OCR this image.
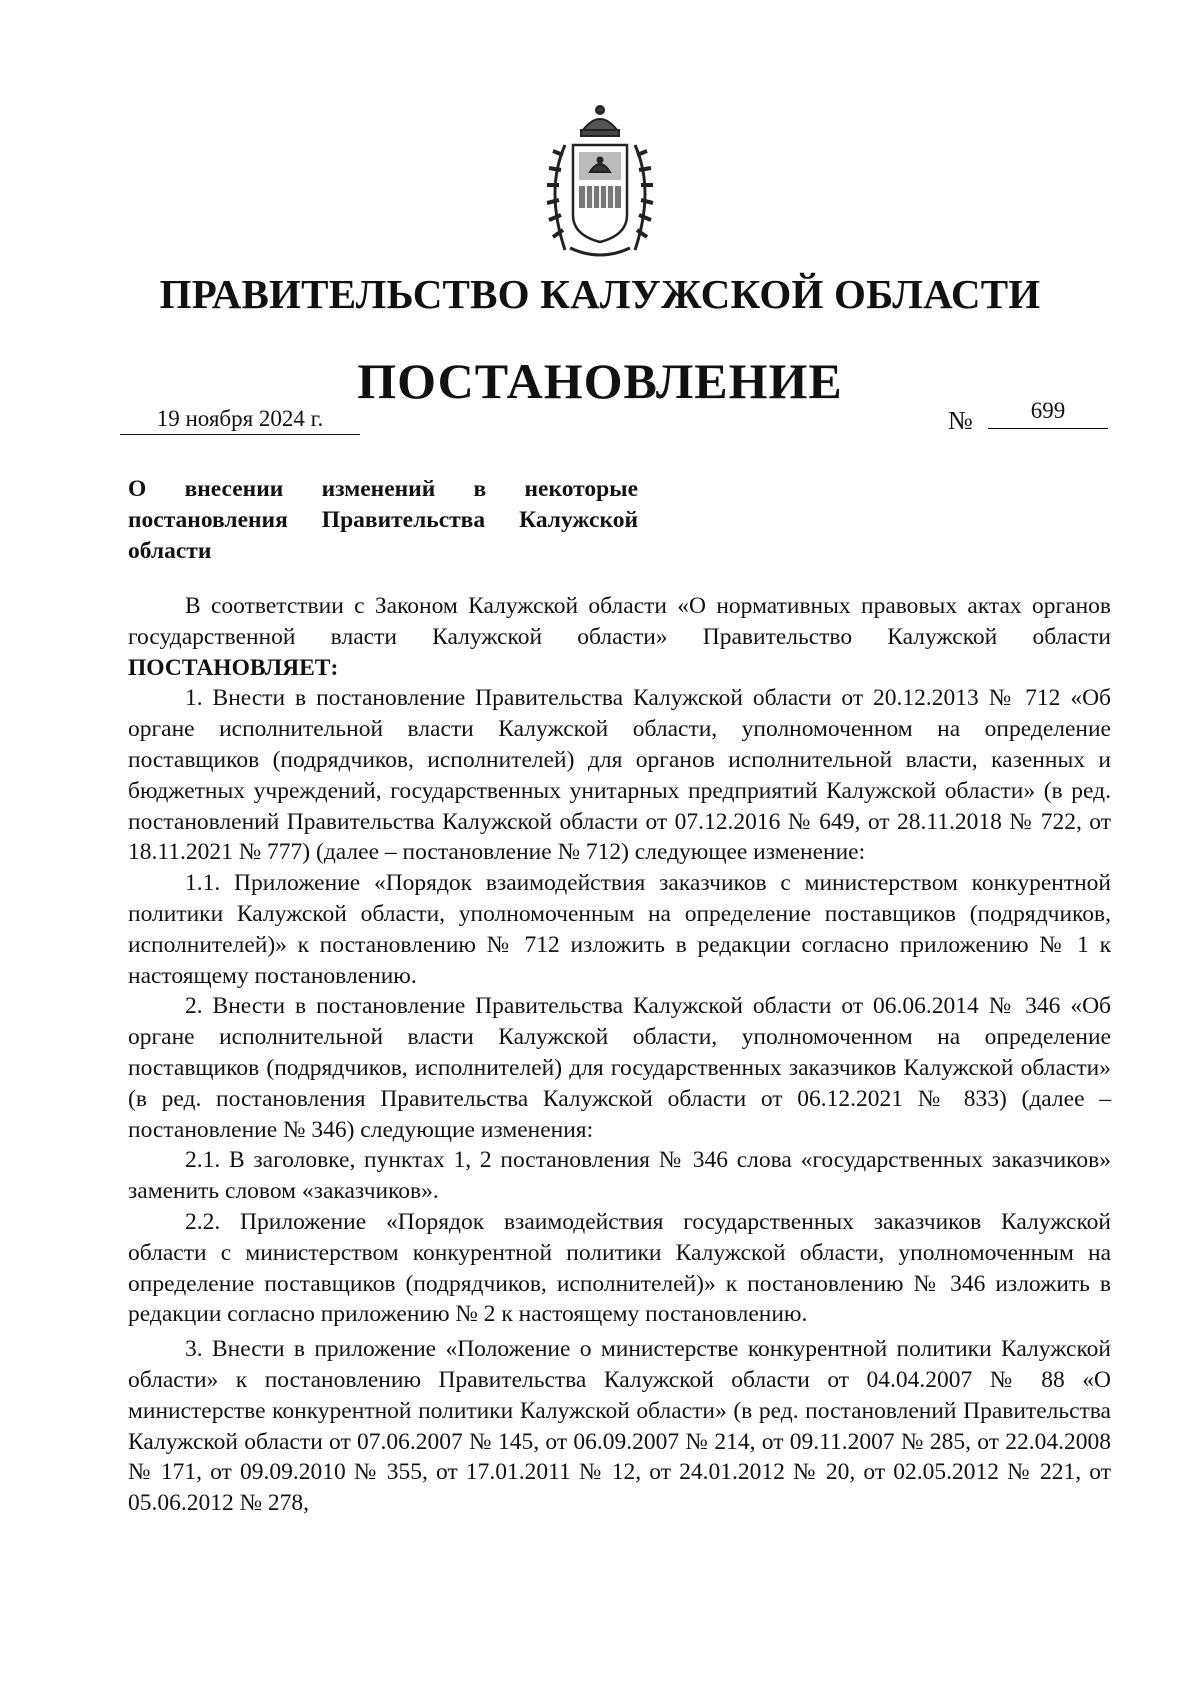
ПРАВИТЕЛЬСТВО КАЛУЖСКОЙ ОБЛАСТИ
ПОСТАНОВЛЕНИЕ
19 ноября 2024 г.	№	699
О внесении изменений в некоторые
постановления Правительства Калужской
области

В соответствии с Законом Калужской области «О нормативных правовых актах органов государственной власти Калужской области» Правительство Калужской области ПОСТАНОВЛЯЕТ:

1. Внести в постановление Правительства Калужской области от 20.12.2013 № 712 «Об органе исполнительной власти Калужской области, уполномоченном на определение поставщиков (подрядчиков, исполнителей) для органов исполнительной власти, казенных и бюджетных учреждений, государственных унитарных предприятий Калужской области» (в ред. постановлений Правительства Калужской области от 07.12.2016 № 649, от 28.11.2018 № 722, от 18.11.2021 № 777) (далее – постановление № 712) следующее изменение:

1.1. Приложение «Порядок взаимодействия заказчиков с министерством конкурентной политики Калужской области, уполномоченным на определение поставщиков (подрядчиков, исполнителей)» к постановлению № 712 изложить в редакции согласно приложению № 1 к настоящему постановлению.

2. Внести в постановление Правительства Калужской области от 06.06.2014 № 346 «Об органе исполнительной власти Калужской области, уполномоченном на определение поставщиков (подрядчиков, исполнителей) для государственных заказчиков Калужской области» (в ред. постановления Правительства Калужской области от 06.12.2021 № 833) (далее – постановление № 346) следующие изменения:

2.1. В заголовке, пунктах 1, 2 постановления № 346 слова «государственных заказчиков» заменить словом «заказчиков».

2.2. Приложение «Порядок взаимодействия государственных заказчиков Калужской области с министерством конкурентной политики Калужской области, уполномоченным на определение поставщиков (подрядчиков, исполнителей)» к постановлению № 346 изложить в редакции согласно приложению № 2 к настоящему постановлению.

3. Внести в приложение «Положение о министерстве конкурентной политики Калужской области» к постановлению Правительства Калужской области от 04.04.2007 № 88 «О министерстве конкурентной политики Калужской области» (в ред. постановлений Правительства Калужской области от 07.06.2007 № 145, от 06.09.2007 № 214, от 09.11.2007 № 285, от 22.04.2008 № 171, от 09.09.2010 № 355, от 17.01.2011 № 12, от 24.01.2012 № 20, от 02.05.2012 № 221, от 05.06.2012 № 278,
